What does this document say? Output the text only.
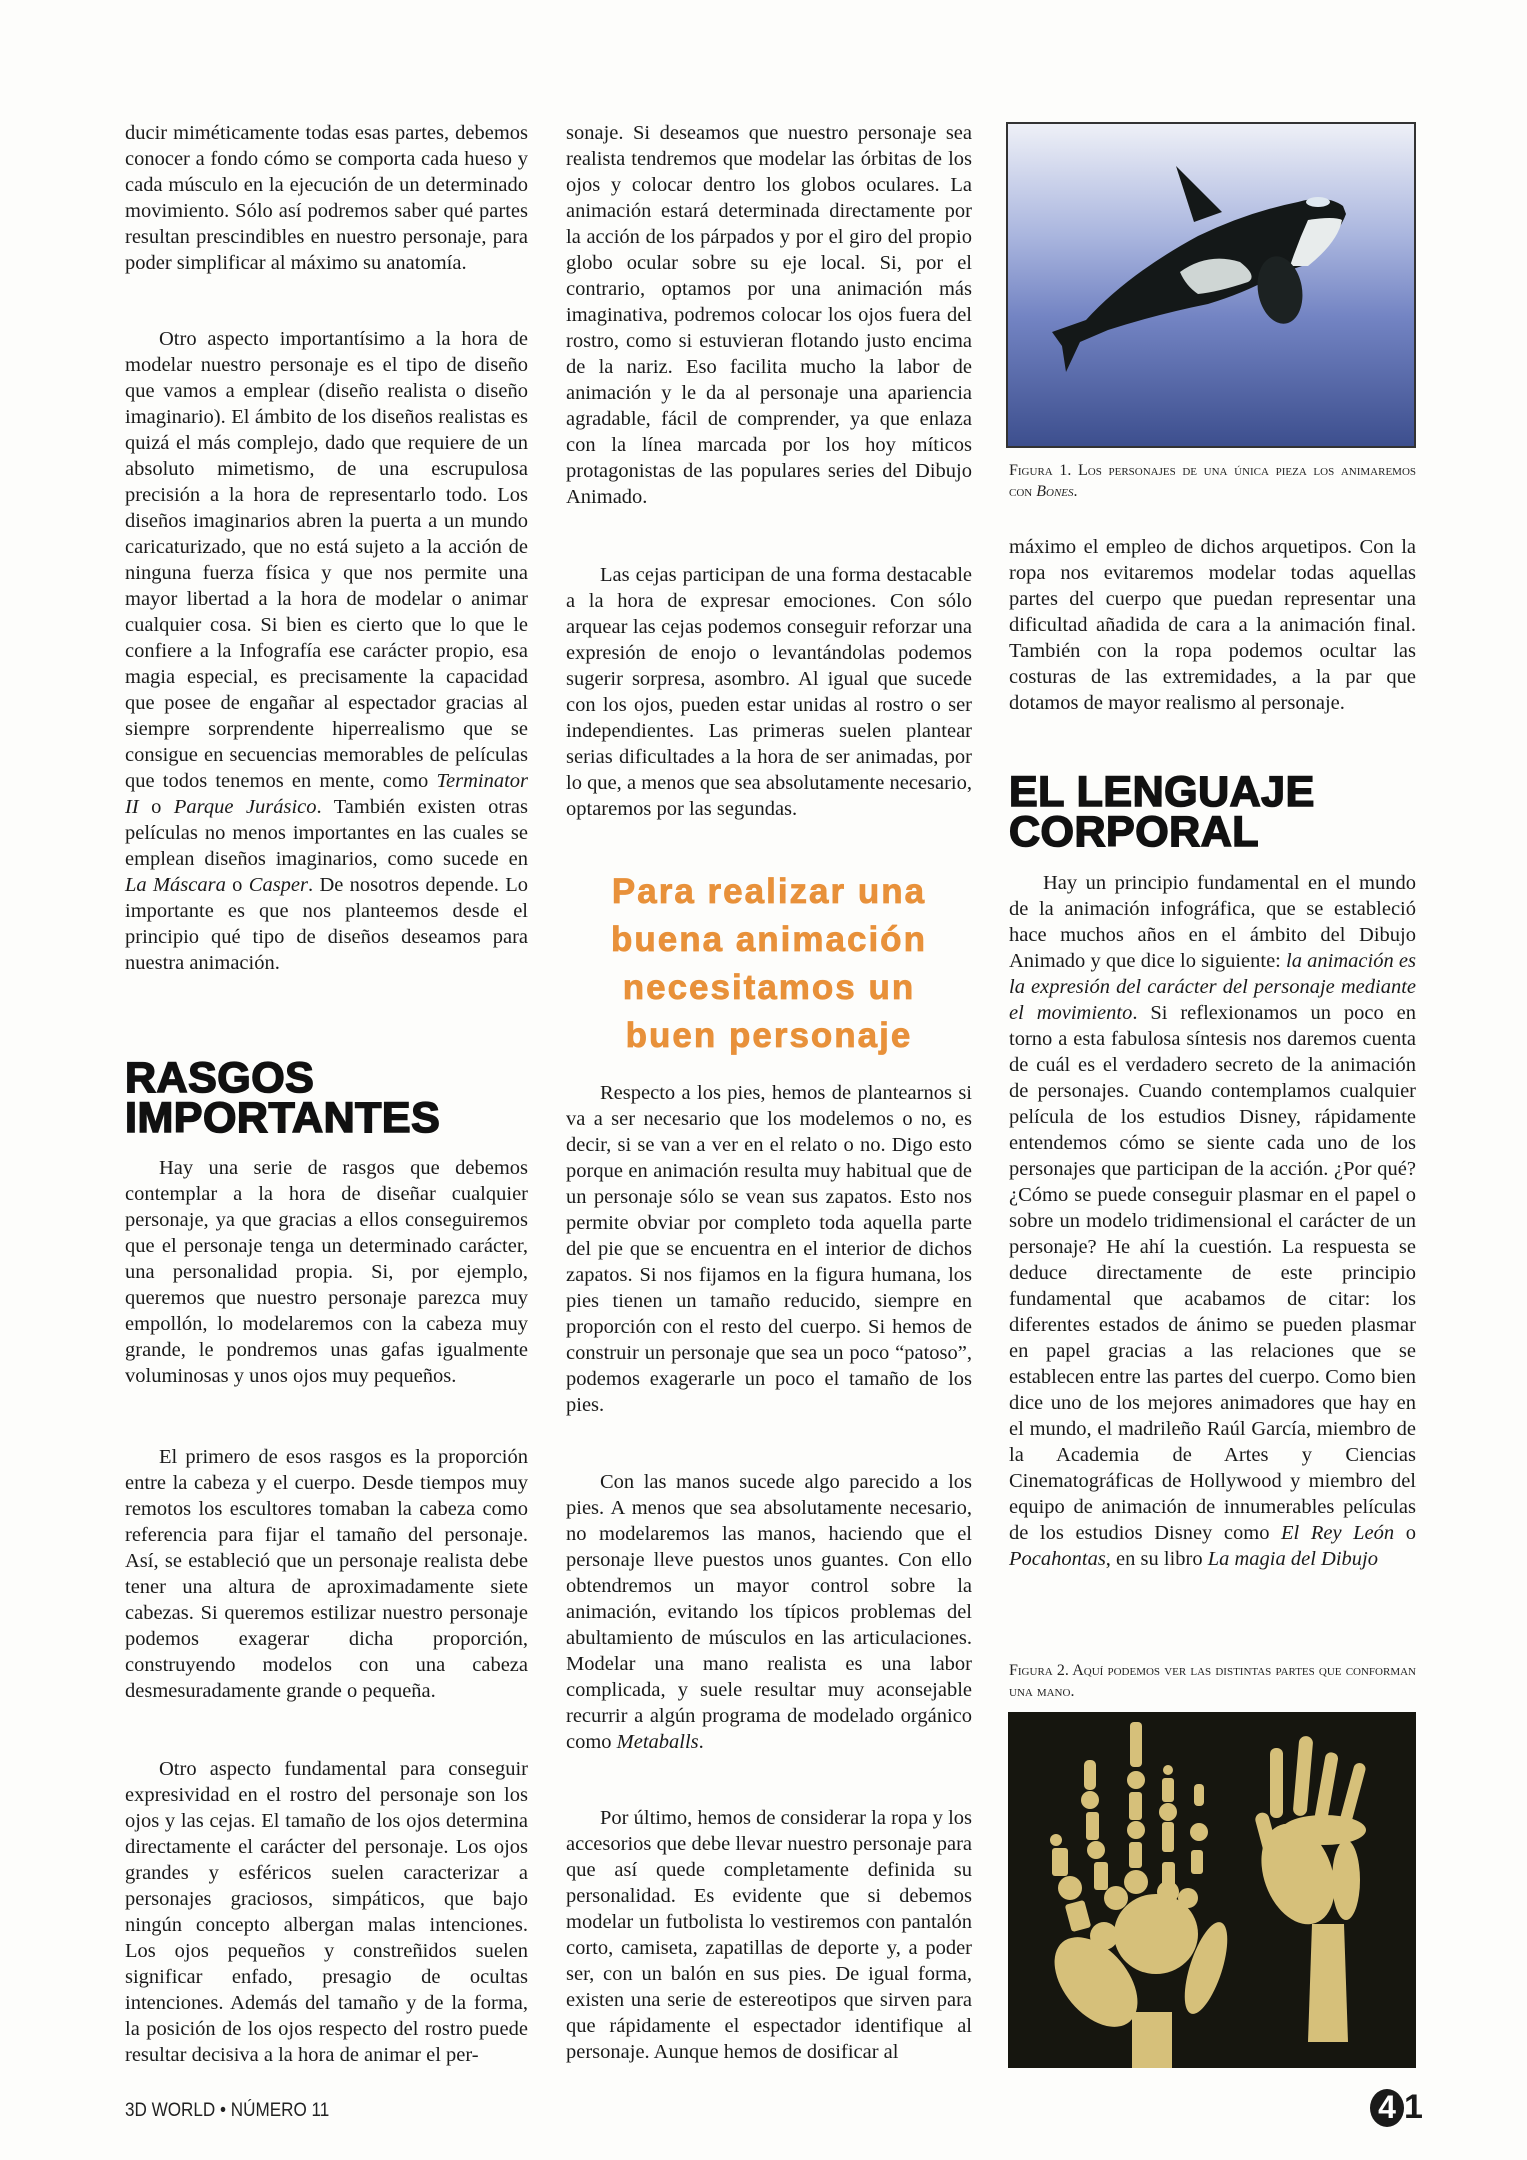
ducir miméticamente todas esas partes, debemos conocer a fondo cómo se comporta cada hueso y cada músculo en la ejecución de un determinado movimiento. Sólo así podremos saber qué partes resultan prescindibles en nuestro personaje, para poder simplificar al máximo su anatomía.

Otro aspecto importantísimo a la hora de modelar nuestro personaje es el tipo de diseño que vamos a emplear (diseño realista o diseño imaginario). El ámbito de los diseños realistas es quizá el más complejo, dado que requiere de un absoluto mimetismo, de una escrupulosa precisión a la hora de representarlo todo. Los diseños imaginarios abren la puerta a un mundo caricaturizado, que no está sujeto a la acción de ninguna fuerza física y que nos permite una mayor libertad a la hora de modelar o animar cualquier cosa. Si bien es cierto que lo que le confiere a la Infografía ese carácter propio, esa magia especial, es precisamente la capacidad que posee de engañar al espectador gracias al siempre sorprendente hiperrealismo que se consigue en secuencias memorables de películas que todos tenemos en mente, como Terminator II o Parque Jurásico. También existen otras películas no menos importantes en las cuales se emplean diseños imaginarios, como sucede en La Máscara o Casper. De nosotros depende. Lo importante es que nos planteemos desde el principio qué tipo de diseños deseamos para nuestra animación.

RASGOS
IMPORTANTES

Hay una serie de rasgos que debemos contemplar a la hora de diseñar cualquier personaje, ya que gracias a ellos conseguiremos que el personaje tenga un determinado carácter, una personalidad propia. Si, por ejemplo, queremos que nuestro personaje parezca muy empollón, lo modelaremos con la cabeza muy grande, le pondremos unas gafas igualmente voluminosas y unos ojos muy pequeños.

El primero de esos rasgos es la proporción entre la cabeza y el cuerpo. Desde tiempos muy remotos los escultores tomaban la cabeza como referencia para fijar el tamaño del personaje. Así, se estableció que un personaje realista debe tener una altura de aproximadamente siete cabezas. Si queremos estilizar nuestro personaje podemos exagerar dicha proporción, construyendo modelos con una cabeza desmesuradamente grande o pequeña.

Otro aspecto fundamental para conseguir expresividad en el rostro del personaje son los ojos y las cejas. El tamaño de los ojos determina directamente el carácter del personaje. Los ojos grandes y esféricos suelen caracterizar a personajes graciosos, simpáticos, que bajo ningún concepto albergan malas intenciones. Los ojos pequeños y constreñidos suelen significar enfado, presagio de ocultas intenciones. Además del tamaño y de la forma, la posición de los ojos respecto del rostro puede resultar decisiva a la hora de animar el per-

sonaje. Si deseamos que nuestro personaje sea realista tendremos que modelar las órbitas de los ojos y colocar dentro los globos oculares. La animación estará determinada directamente por la acción de los párpados y por el giro del propio globo ocular sobre su eje local. Si, por el contrario, optamos por una animación más imaginativa, podremos colocar los ojos fuera del rostro, como si estuvieran flotando justo encima de la nariz. Eso facilita mucho la labor de animación y le da al personaje una apariencia agradable, fácil de comprender, ya que enlaza con la línea marcada por los hoy míticos protagonistas de las populares series del Dibujo Animado.

Las cejas participan de una forma destacable a la hora de expresar emociones. Con sólo arquear las cejas podemos conseguir reforzar una expresión de enojo o levantándolas podemos sugerir sorpresa, asombro. Al igual que sucede con los ojos, pueden estar unidas al rostro o ser independientes. Las primeras suelen plantear serias dificultades a la hora de ser animadas, por lo que, a menos que sea absolutamente necesario, optaremos por las segundas.

Para realizar una buena animación necesitamos un buen personaje

Respecto a los pies, hemos de plantearnos si va a ser necesario que los modelemos o no, es decir, si se van a ver en el relato o no. Digo esto porque en animación resulta muy habitual que de un personaje sólo se vean sus zapatos. Esto nos permite obviar por completo toda aquella parte del pie que se encuentra en el interior de dichos zapatos. Si nos fijamos en la figura humana, los pies tienen un tamaño reducido, siempre en proporción con el resto del cuerpo. Si hemos de construir un personaje que sea un poco “patoso”, podemos exagerarle un poco el tamaño de los pies.

Con las manos sucede algo parecido a los pies. A menos que sea absolutamente necesario, no modelaremos las manos, haciendo que el personaje lleve puestos unos guantes. Con ello obtendremos un mayor control sobre la animación, evitando los típicos problemas del abultamiento de músculos en las articulaciones. Modelar una mano realista es una labor complicada, y suele resultar muy aconsejable recurrir a algún programa de modelado orgánico como Metaballs.

Por último, hemos de considerar la ropa y los accesorios que debe llevar nuestro personaje para que así quede completamente definida su personalidad. Es evidente que si debemos modelar un futbolista lo vestiremos con pantalón corto, camiseta, zapatillas de deporte y, a poder ser, con un balón en sus pies. De igual forma, existen una serie de estereotipos que sirven para que rápidamente el espectador identifique al personaje. Aunque hemos de dosificar al

Figura 1. Los personajes de una única pieza los animaremos con Bones.

máximo el empleo de dichos arquetipos. Con la ropa nos evitaremos modelar todas aquellas partes del cuerpo que puedan representar una dificultad añadida de cara a la animación final. También con la ropa podemos ocultar las costuras de las extremidades, a la par que dotamos de mayor realismo al personaje.

EL LENGUAJE
CORPORAL

Hay un principio fundamental en el mundo de la animación infográfica, que se estableció hace muchos años en el ámbito del Dibujo Animado y que dice lo siguiente: la animación es la expresión del carácter del personaje mediante el movimiento. Si reflexionamos un poco en torno a esta fabulosa síntesis nos daremos cuenta de cuál es el verdadero secreto de la animación de personajes. Cuando contemplamos cualquier película de los estudios Disney, rápidamente entendemos cómo se siente cada uno de los personajes que participan de la acción. ¿Por qué? ¿Cómo se puede conseguir plasmar en el papel o sobre un modelo tridimensional el carácter de un personaje? He ahí la cuestión. La respuesta se deduce directamente de este principio fundamental que acabamos de citar: los diferentes estados de ánimo se pueden plasmar en papel gracias a las relaciones que se establecen entre las partes del cuerpo. Como bien dice uno de los mejores animadores que hay en el mundo, el madrileño Raúl García, miembro de la Academia de Artes y Ciencias Cinematográficas de Hollywood y miembro del equipo de animación de innumerables películas de los estudios Disney como El Rey León o Pocahontas, en su libro La magia del Dibujo

Figura 2. Aquí podemos ver las distintas partes que conforman una mano.
3D WORLD • NÚMERO 11	4 1
